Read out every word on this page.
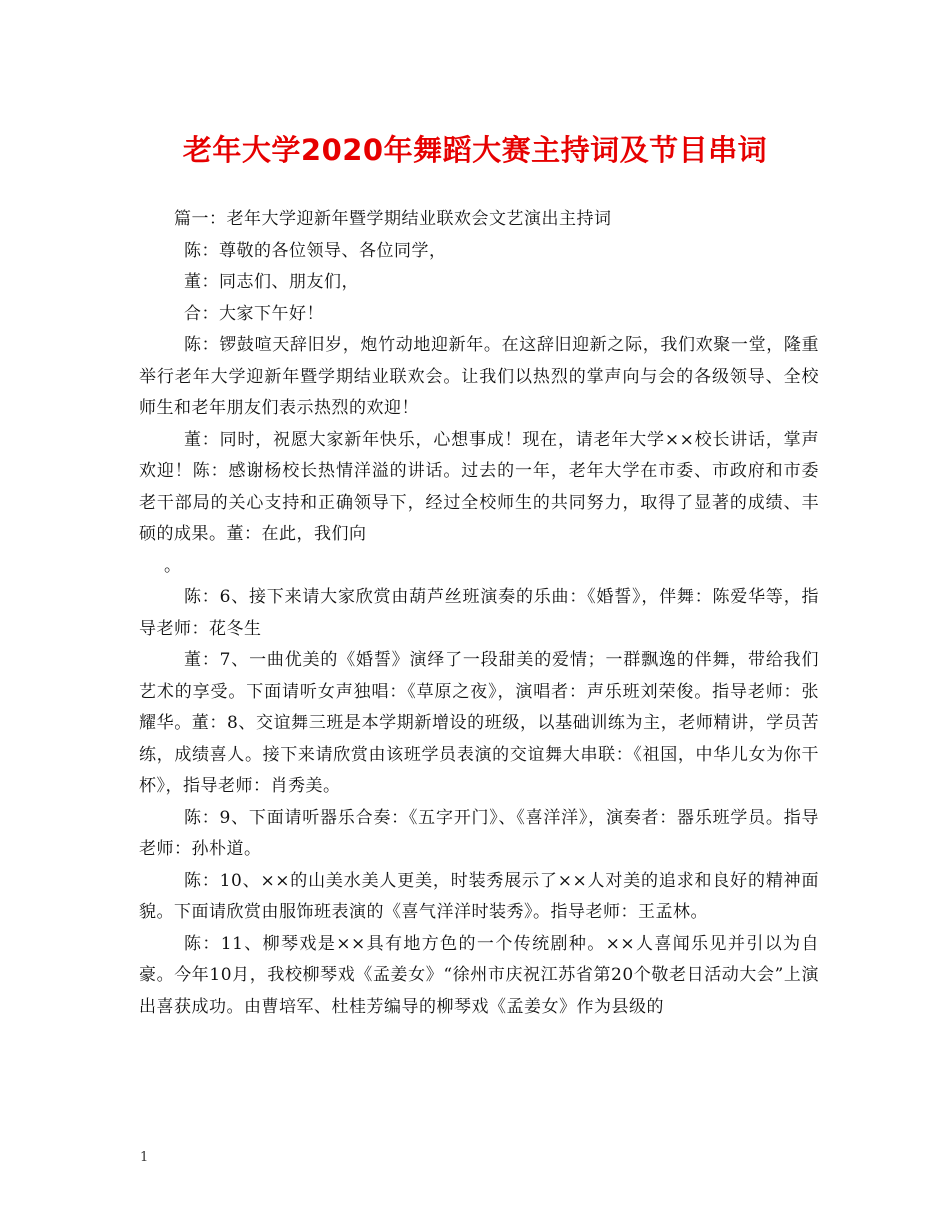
老年大学2020年舞蹈大赛主持词及节目串词

篇一：老年大学迎新年暨学期结业联欢会文艺演出主持词

陈：尊敬的各位领导、各位同学，

董：同志们、朋友们，

合：大家下午好！

陈：锣鼓喧天辞旧岁，炮竹动地迎新年。在这辞旧迎新之际，我们欢聚一堂，隆重举行老年大学迎新年暨学期结业联欢会。让我们以热烈的掌声向与会的各级领导、全校师生和老年朋友们表示热烈的欢迎！

董：同时，祝愿大家新年快乐，心想事成！现在，请老年大学××校长讲话，掌声欢迎！陈：感谢杨校长热情洋溢的讲话。过去的一年，老年大学在市委、市政府和市委老干部局的关心支持和正确领导下，经过全校师生的共同努力，取得了显著的成绩、丰硕的成果。董：在此，我们向

。

陈：6、接下来请大家欣赏由葫芦丝班演奏的乐曲：《婚誓》，伴舞：陈爱华等，指导老师：花冬生

董：7、一曲优美的《婚誓》演绎了一段甜美的爱情；一群飘逸的伴舞，带给我们艺术的享受。下面请听女声独唱：《草原之夜》，演唱者：声乐班刘荣俊。指导老师：张耀华。董：8、交谊舞三班是本学期新增设的班级，以基础训练为主，老师精讲，学员苦练，成绩喜人。接下来请欣赏由该班学员表演的交谊舞大串联：《祖国，中华儿女为你干杯》，指导老师：肖秀美。

陈：9、下面请听器乐合奏：《五字开门》、《喜洋洋》，演奏者：器乐班学员。指导老师：孙朴道。

陈：10、××的山美水美人更美，时装秀展示了××人对美的追求和良好的精神面貌。下面请欣赏由服饰班表演的《喜气洋洋时装秀》。指导老师：王孟林。

陈：11、柳琴戏是××具有地方色的一个传统剧种。××人喜闻乐见并引以为自豪。今年10月，我校柳琴戏《孟姜女》“徐州市庆祝江苏省第20个敬老日活动大会”上演出喜获成功。由曹培军、杜桂芳编导的柳琴戏《孟姜女》作为县级的

1
